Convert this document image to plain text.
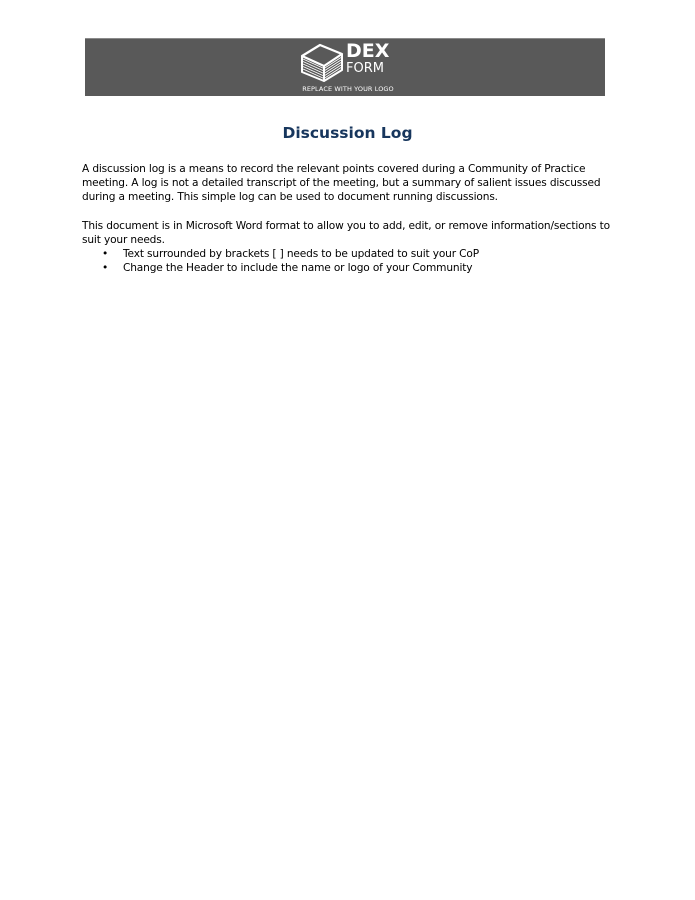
DEX
FORM
REPLACE WITH YOUR LOGO
Discussion Log

A discussion log is a means to record the relevant points covered during a Community of Practice meeting. A log is not a detailed transcript of the meeting, but a summary of salient issues discussed during a meeting. This simple log can be used to document running discussions.

This document is in Microsoft Word format to allow you to add, edit, or remove information/sections to suit your needs.

• Text surrounded by brackets [ ] needs to be updated to suit your CoP
• Change the Header to include the name or logo of your Community
